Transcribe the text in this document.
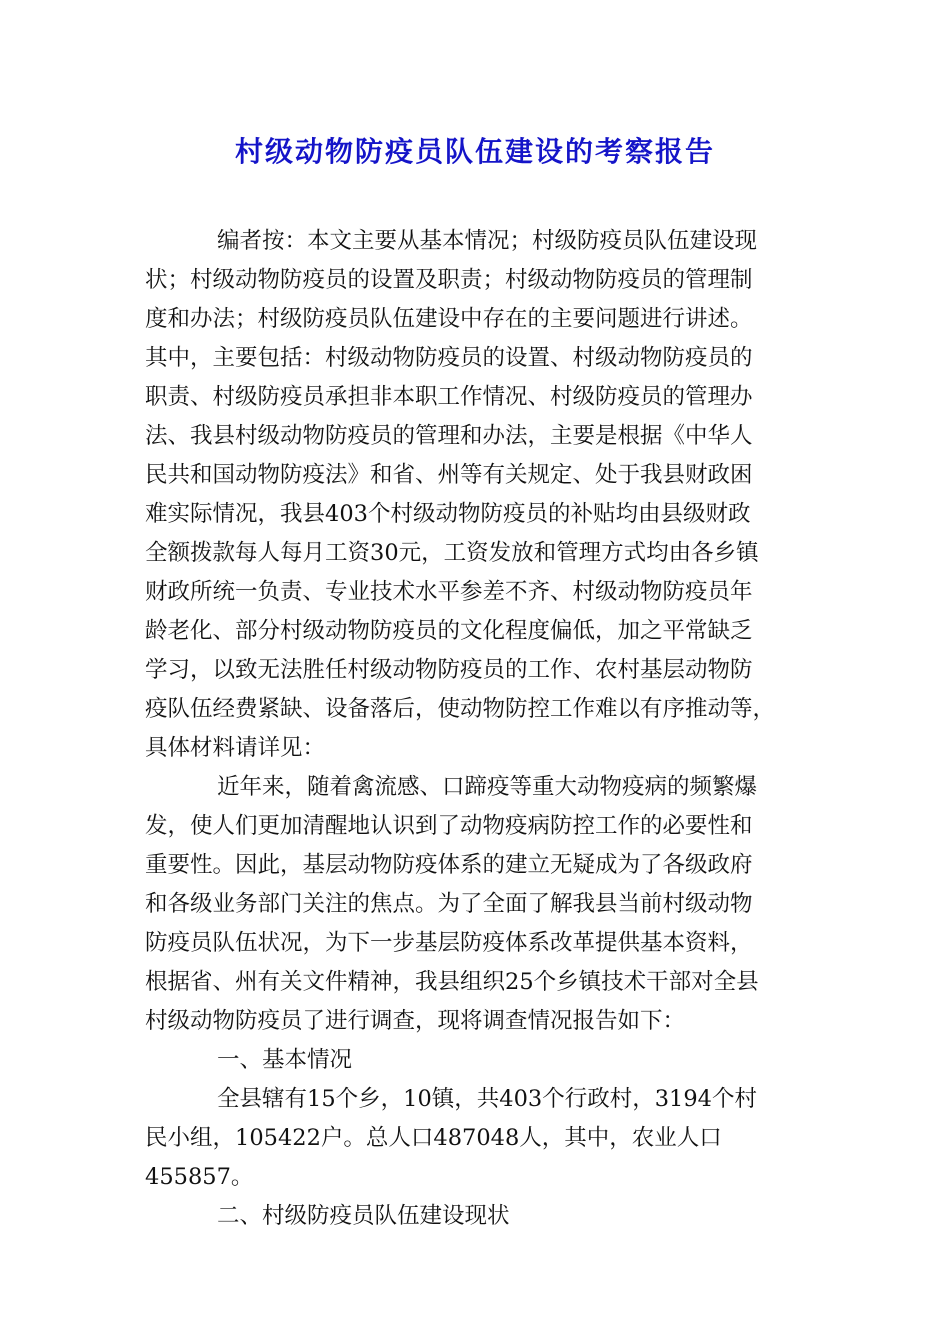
村级动物防疫员队伍建设的考察报告
编者按：本文主要从基本情况；村级防疫员队伍建设现
状；村级动物防疫员的设置及职责；村级动物防疫员的管理制
度和办法；村级防疫员队伍建设中存在的主要问题进行讲述。
其中，主要包括：村级动物防疫员的设置、村级动物防疫员的
职责、村级防疫员承担非本职工作情况、村级防疫员的管理办
法、我县村级动物防疫员的管理和办法，主要是根据《中华人
民共和国动物防疫法》和省、州等有关规定、处于我县财政困
难实际情况，我县403个村级动物防疫员的补贴均由县级财政
全额拨款每人每月工资30元，工资发放和管理方式均由各乡镇
财政所统一负责、专业技术水平参差不齐、村级动物防疫员年
龄老化、部分村级动物防疫员的文化程度偏低，加之平常缺乏
学习，以致无法胜任村级动物防疫员的工作、农村基层动物防
疫队伍经费紧缺、设备落后，使动物防控工作难以有序推动等，
具体材料请详见：
近年来，随着禽流感、口蹄疫等重大动物疫病的频繁爆
发，使人们更加清醒地认识到了动物疫病防控工作的必要性和
重要性。因此，基层动物防疫体系的建立无疑成为了各级政府
和各级业务部门关注的焦点。为了全面了解我县当前村级动物
防疫员队伍状况，为下一步基层防疫体系改革提供基本资料，
根据省、州有关文件精神，我县组织25个乡镇技术干部对全县
村级动物防疫员了进行调查，现将调查情况报告如下：
一、基本情况
全县辖有15个乡，10镇，共403个行政村，3194个村
民小组，105422户。总人口487048人，其中，农业人口
455857。
二、村级防疫员队伍建设现状
